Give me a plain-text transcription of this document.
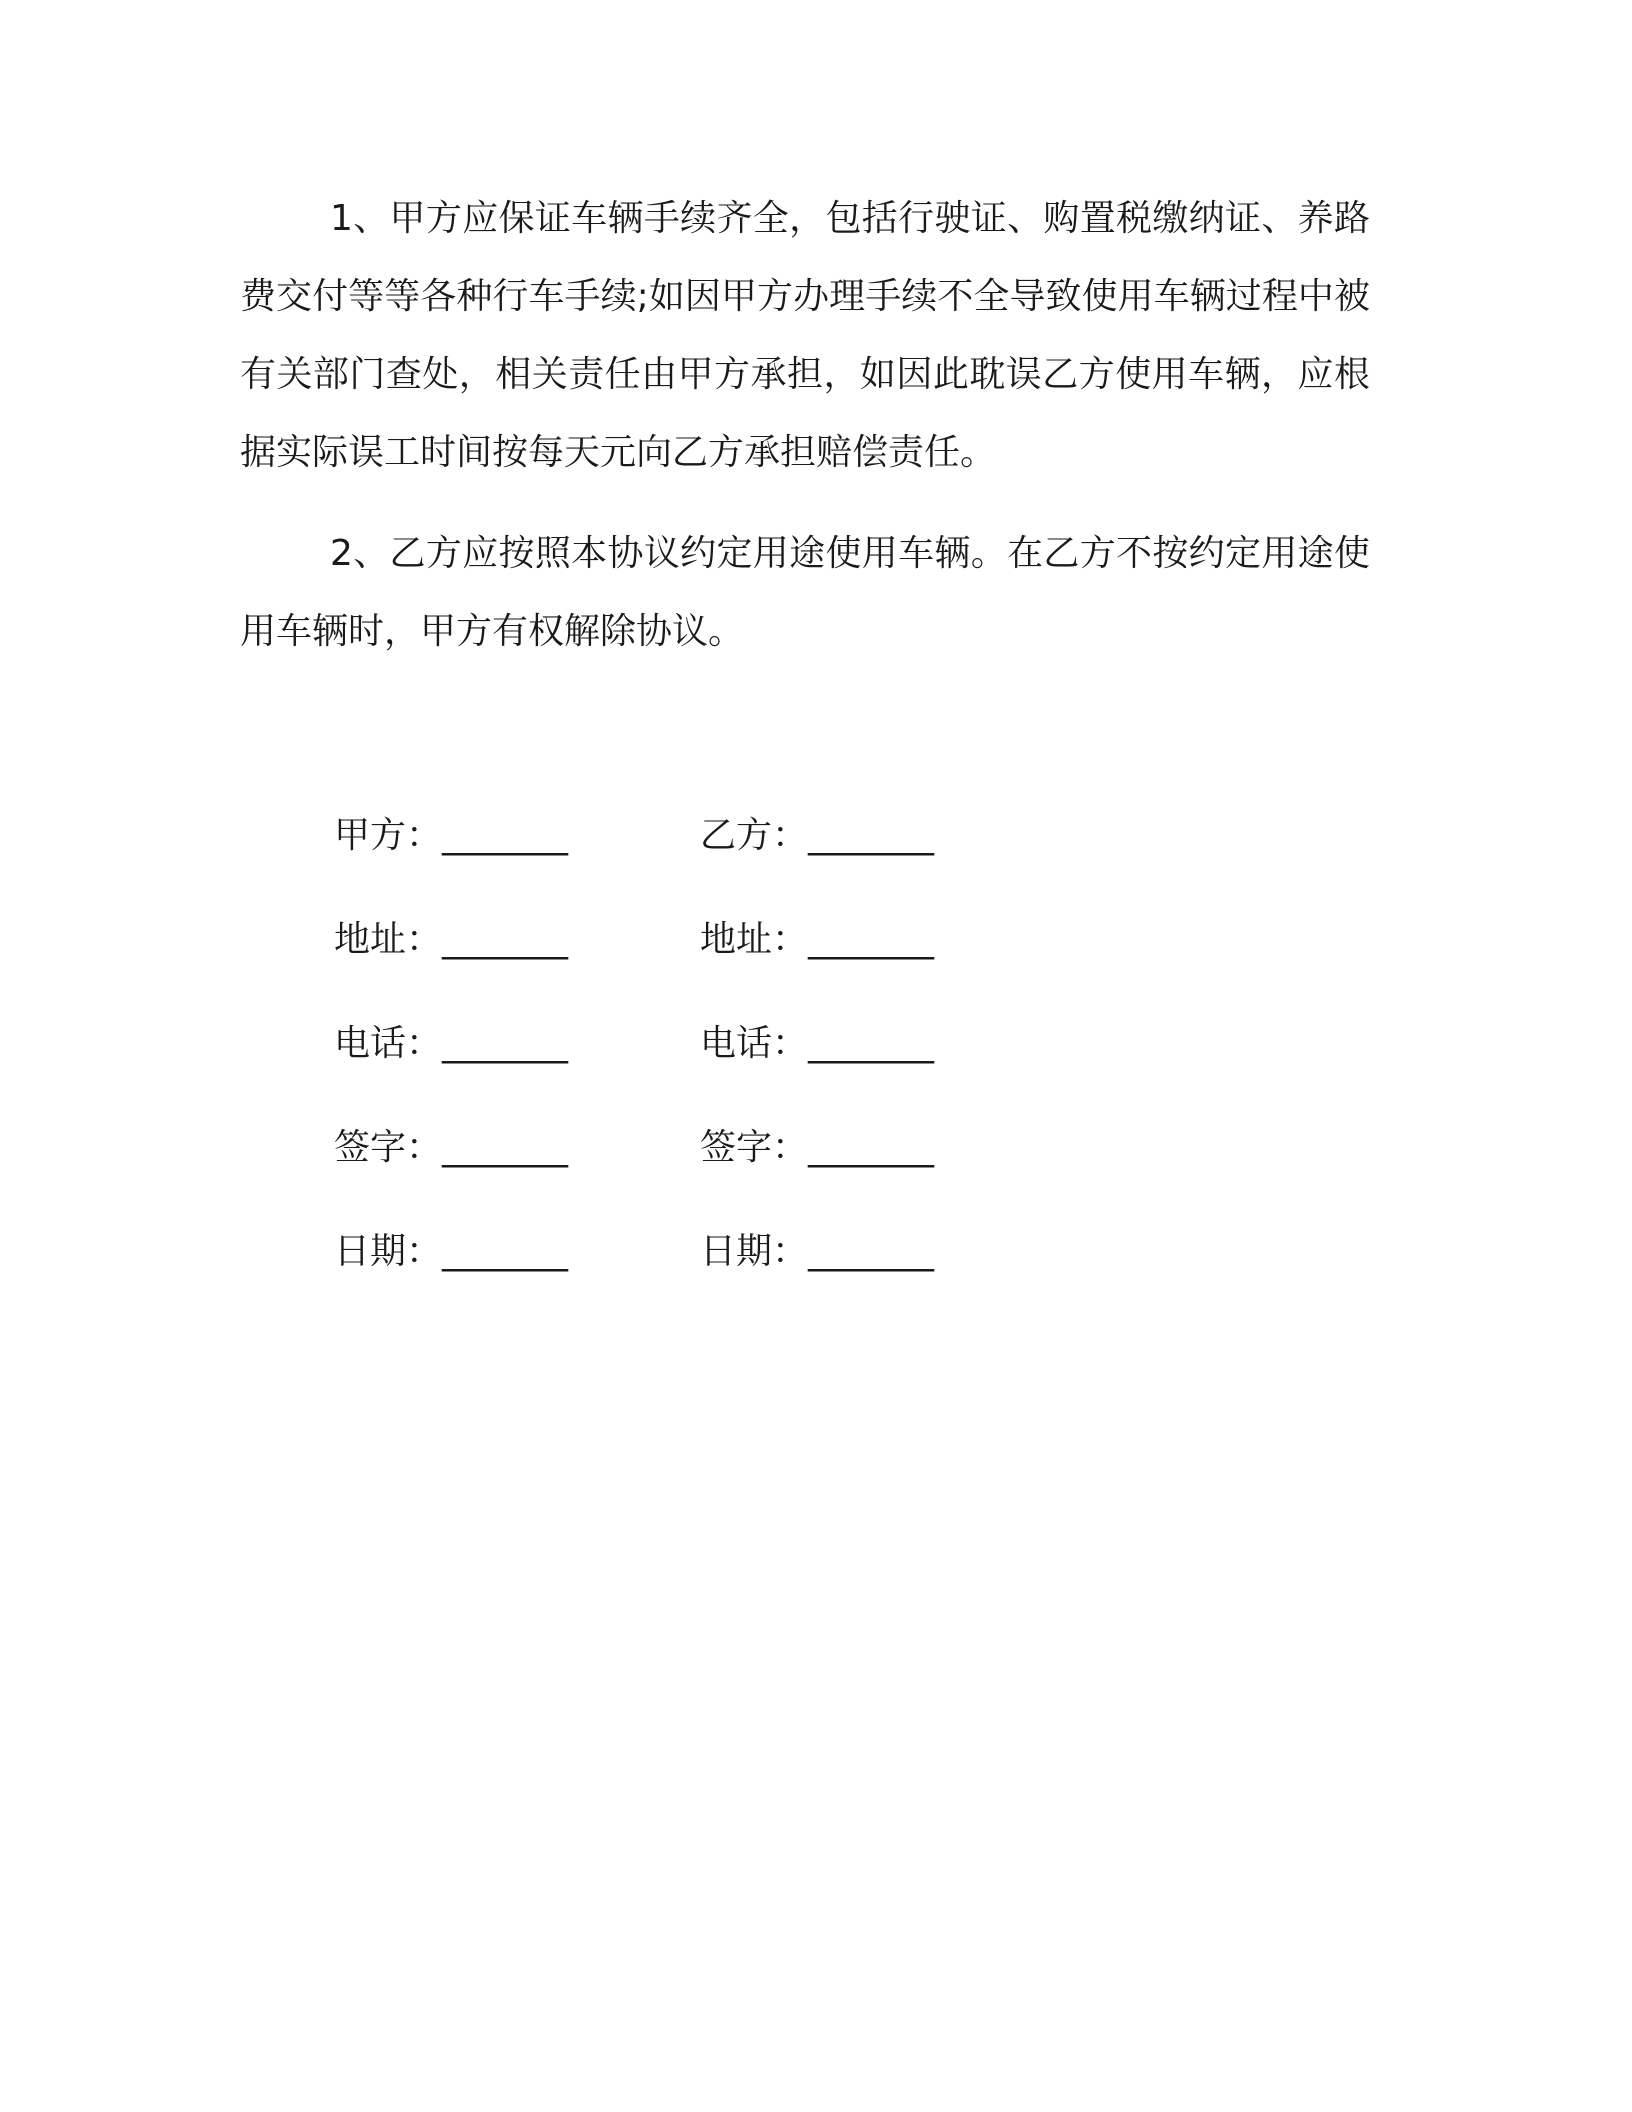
1、甲方应保证车辆手续齐全，包括行驶证、购置税缴纳证、养路费交付等等各种行车手续;如因甲方办理手续不全导致使用车辆过程中被有关部门查处，相关责任由甲方承担，如因此耽误乙方使用车辆，应根据实际误工时间按每天元向乙方承担赔偿责任。

2、乙方应按照本协议约定用途使用车辆。在乙方不按约定用途使用车辆时，甲方有权解除协议。

甲方：_______
地址：_______
电话：_______
签字：_______
日期：_______
乙方：_______
地址：_______
电话：_______
签字：_______
日期：_______
